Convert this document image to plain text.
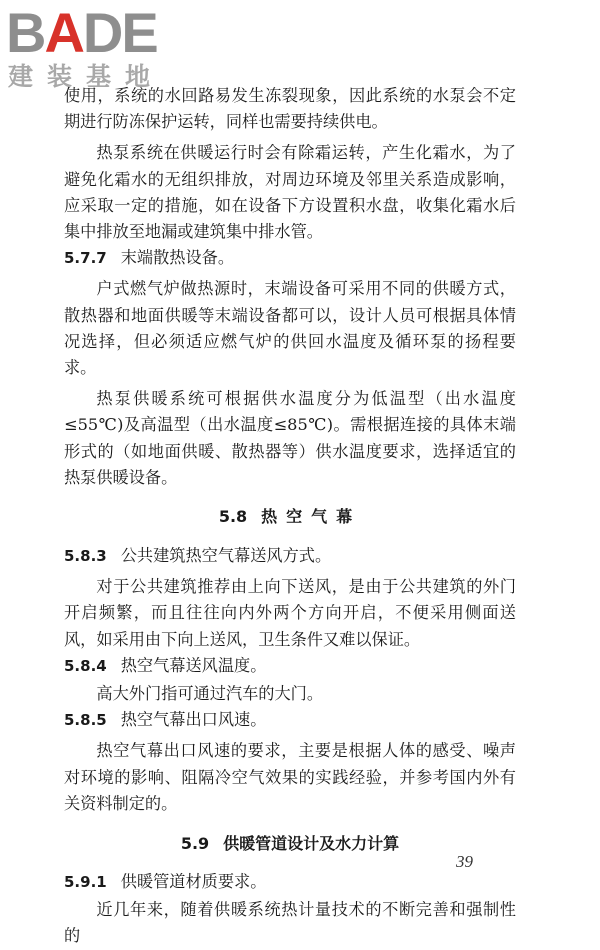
BADE
建装基地

使用，系统的水回路易发生冻裂现象，因此系统的水泵会不定期进行防冻保护运转，同样也需要持续供电。

热泵系统在供暖运行时会有除霜运转，产生化霜水，为了避免化霜水的无组织排放，对周边环境及邻里关系造成影响，应采取一定的措施，如在设备下方设置积水盘，收集化霜水后集中排放至地漏或建筑集中排水管。

5.7.7 末端散热设备。

户式燃气炉做热源时，末端设备可采用不同的供暖方式，散热器和地面供暖等末端设备都可以，设计人员可根据具体情况选择，但必须适应燃气炉的供回水温度及循环泵的扬程要求。

热泵供暖系统可根据供水温度分为低温型（出水温度≤55℃)及高温型（出水温度≤85℃)。需根据连接的具体末端形式的（如地面供暖、散热器等）供水温度要求，选择适宜的热泵供暖设备。

5.8 热空气幕

5.8.3 公共建筑热空气幕送风方式。

对于公共建筑推荐由上向下送风，是由于公共建筑的外门开启频繁，而且往往向内外两个方向开启，不便采用侧面送风，如采用由下向上送风，卫生条件又难以保证。

5.8.4 热空气幕送风温度。

高大外门指可通过汽车的大门。

5.8.5 热空气幕出口风速。

热空气幕出口风速的要求，主要是根据人体的感受、噪声对环境的影响、阻隔冷空气效果的实践经验，并参考国内外有关资料制定的。

5.9 供暖管道设计及水力计算

5.9.1 供暖管道材质要求。

近几年来，随着供暖系统热计量技术的不断完善和强制性的

39
